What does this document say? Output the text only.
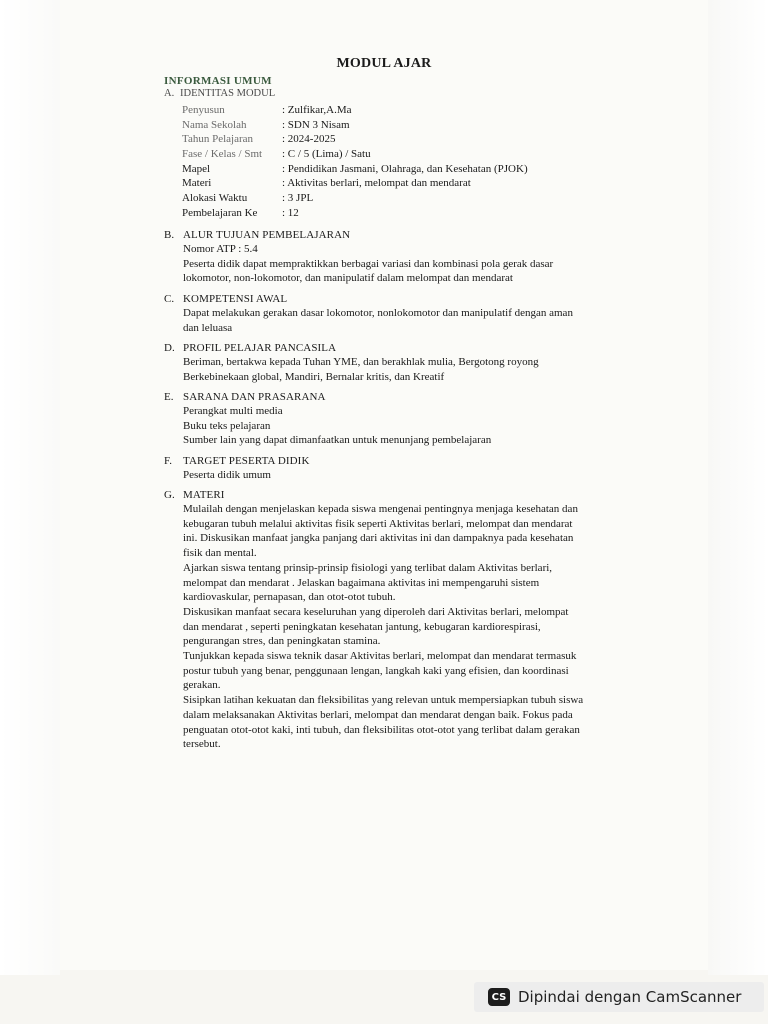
MODUL AJAR
INFORMASI UMUM
A. IDENTITAS MODUL
Penyusun	: Zulfikar,A.Ma
Nama Sekolah	: SDN 3 Nisam
Tahun Pelajaran	: 2024-2025
Fase / Kelas / Smt	: C / 5 (Lima) / Satu
Mapel	: Pendidikan Jasmani, Olahraga, dan Kesehatan (PJOK)
Materi	: Aktivitas berlari, melompat dan mendarat
Alokasi Waktu	: 3 JPL
Pembelajaran Ke	: 12
B. ALUR TUJUAN PEMBELAJARAN

Nomor ATP : 5.4

Peserta didik dapat mempraktikkan berbagai variasi dan kombinasi pola gerak dasar

lokomotor, non-lokomotor, dan manipulatif dalam melompat dan mendarat

C. KOMPETENSI AWAL

Dapat melakukan gerakan dasar lokomotor, nonlokomotor dan manipulatif dengan aman

dan leluasa

D. PROFIL PELAJAR PANCASILA

Beriman, bertakwa kepada Tuhan YME, dan berakhlak mulia, Bergotong royong

Berkebinekaan global, Mandiri, Bernalar kritis, dan Kreatif

E. SARANA DAN PRASARANA

Perangkat multi media

Buku teks pelajaran

Sumber lain yang dapat dimanfaatkan untuk menunjang pembelajaran

F.	TARGET PESERTA DIDIK

Peserta didik umum

G. MATERI

Mulailah dengan menjelaskan kepada siswa mengenai pentingnya menjaga kesehatan dan

kebugaran tubuh melalui aktivitas fisik seperti Aktivitas berlari, melompat dan mendarat

ini. Diskusikan manfaat jangka panjang dari aktivitas ini dan dampaknya pada kesehatan

fisik dan mental.

Ajarkan siswa tentang prinsip-prinsip fisiologi yang terlibat dalam Aktivitas berlari,

melompat dan mendarat . Jelaskan bagaimana aktivitas ini mempengaruhi sistem

kardiovaskular, pernapasan, dan otot-otot tubuh.

Diskusikan manfaat secara keseluruhan yang diperoleh dari Aktivitas berlari, melompat

dan mendarat , seperti peningkatan kesehatan jantung, kebugaran kardiorespirasi,

pengurangan stres, dan peningkatan stamina.

Tunjukkan kepada siswa teknik dasar Aktivitas berlari, melompat dan mendarat termasuk

postur tubuh yang benar, penggunaan lengan, langkah kaki yang efisien, dan koordinasi

gerakan.

Sisipkan latihan kekuatan dan fleksibilitas yang relevan untuk mempersiapkan tubuh siswa

dalam melaksanakan Aktivitas berlari, melompat dan mendarat dengan baik. Fokus pada

penguatan otot-otot kaki, inti tubuh, dan fleksibilitas otot-otot yang terlibat dalam gerakan

tersebut.

CS Dipindai dengan CamScanner
